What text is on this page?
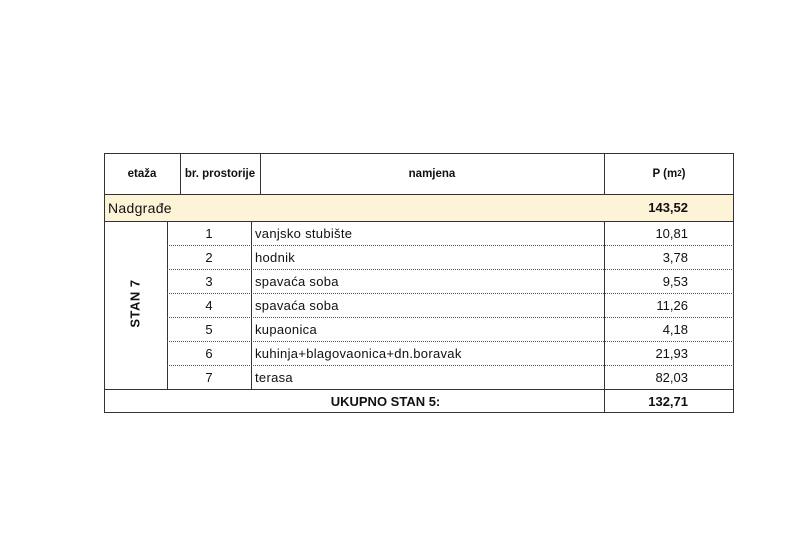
etaža	br. prostorije	namjena	P (m 2 )
Nadgrađe	143,52
STAN 7
1	vanjsko stubište	10,81
2	hodnik	3,78
3	spavaća soba	9,53
4	spavaća soba	11,26
5	kupaonica	4,18
6	kuhinja+blagovaonica+dn.boravak	21,93
7	terasa	82,03
UKUPNO STAN 5:	132,71
